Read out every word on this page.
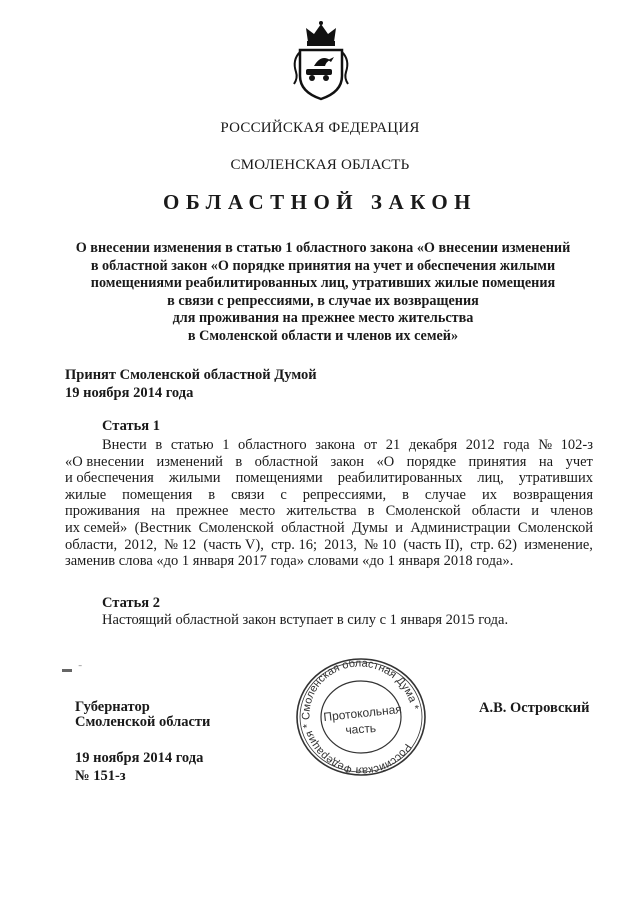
РОССИЙСКАЯ ФЕДЕРАЦИЯ
СМОЛЕНСКАЯ ОБЛАСТЬ
ОБЛАСТНОЙ ЗАКОН
О внесении изменения в статью 1 областного закона «О внесении изменений
в областной закон «О порядке принятия на учет и обеспечения жилыми
помещениями реабилитированных лиц, утративших жилые помещения
в связи с репрессиями, в случае их возвращения
для проживания на прежнее место жительства
в Смоленской области и членов их семей»
Принят Смоленской областной Думой
19 ноября 2014 года
Статья 1
Внести в статью 1 областного закона от 21 декабря 2012 года № 102-з
«О внесении изменений в областной закон «О порядке принятия на учет
и обеспечения жилыми помещениями реабилитированных лиц, утративших
жилые помещения в связи с репрессиями, в случае их возвращения
проживания на прежнее место жительства в Смоленской области и членов
их семей» (Вестник Смоленской областной Думы и Администрации Смоленской
области, 2012, № 12 (часть V), стр. 16; 2013, № 10 (часть II), стр. 62) изменение,
заменив слова «до 1 января 2017 года» словами «до 1 января 2018 года».
Статья 2
Настоящий областной закон вступает в силу с 1 января 2015 года.
▬ ˉ
Губернатор
Смоленской области
А.В. Островский
19 ноября 2014 года
№ 151-з
Российская Федерация * Смоленская областная Дума *
Протокольная
часть
